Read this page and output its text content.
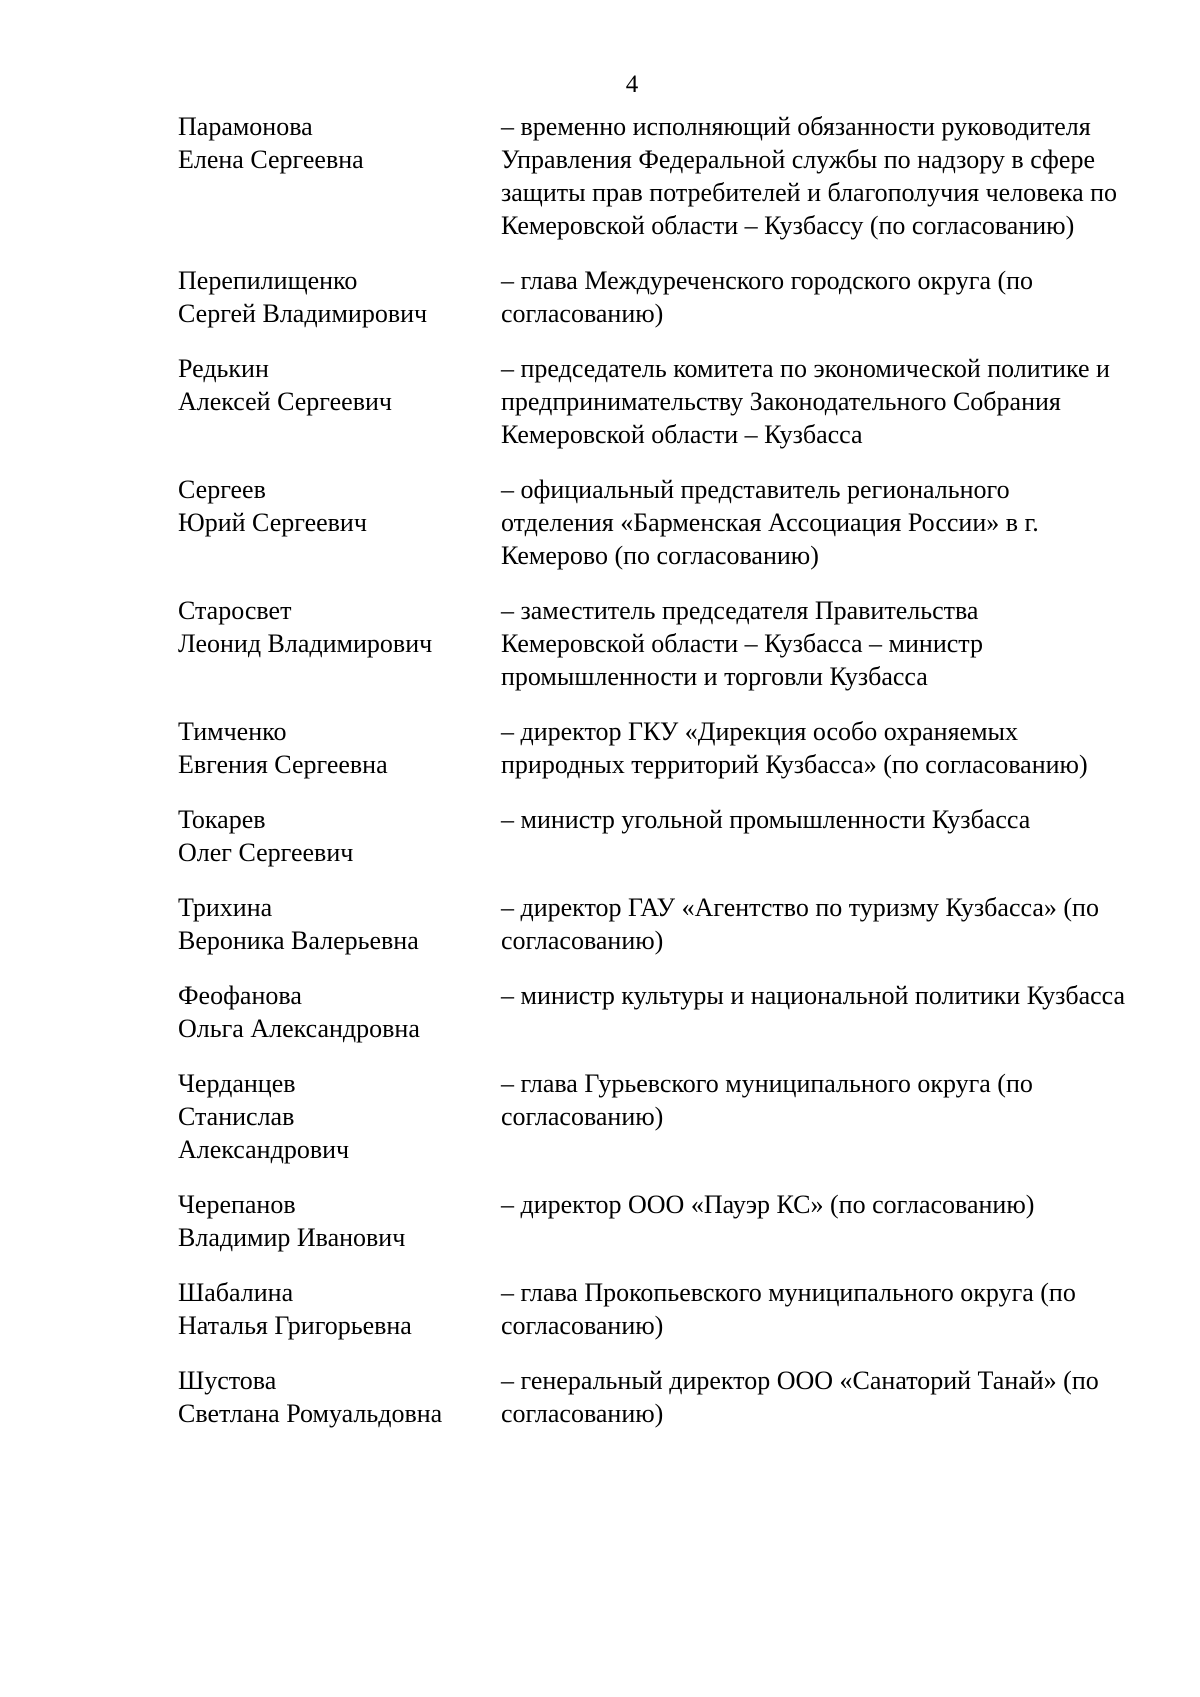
4
Парамонова
Елена Сергеевна
– временно исполняющий обязанности руководителя Управления Федеральной службы по надзору в сфере защиты прав потребителей и благополучия человека по Кемеровской области – Кузбассу (по согласованию)
Перепилищенко
Сергей Владимирович
– глава Междуреченского городского округа (по согласованию)
Редькин
Алексей Сергеевич
– председатель комитета по экономической политике и предпринимательству Законодательного Собрания Кемеровской области – Кузбасса
Сергеев
Юрий Сергеевич
– официальный представитель регионального отделения «Барменская Ассоциация России» в г. Кемерово (по согласованию)
Старосвет
Леонид Владимирович
– заместитель председателя Правительства Кемеровской области – Кузбасса – министр промышленности и торговли Кузбасса
Тимченко
Евгения Сергеевна
– директор ГКУ «Дирекция особо охраняемых природных территорий Кузбасса» (по согласованию)
Токарев
Олег Сергеевич
– министр угольной промышленности Кузбасса
Трихина
Вероника Валерьевна
– директор ГАУ «Агентство по туризму Кузбасса» (по согласованию)
Феофанова
Ольга Александровна
– министр культуры и национальной политики Кузбасса
Черданцев
Станислав Александрович
– глава Гурьевского муниципального округа (по согласованию)
Черепанов
Владимир Иванович
– директор ООО «Пауэр КС» (по согласованию)
Шабалина
Наталья Григорьевна
– глава Прокопьевского муниципального округа (по согласованию)
Шустова
Светлана Ромуальдовна
– генеральный директор ООО «Санаторий Танай» (по согласованию)
